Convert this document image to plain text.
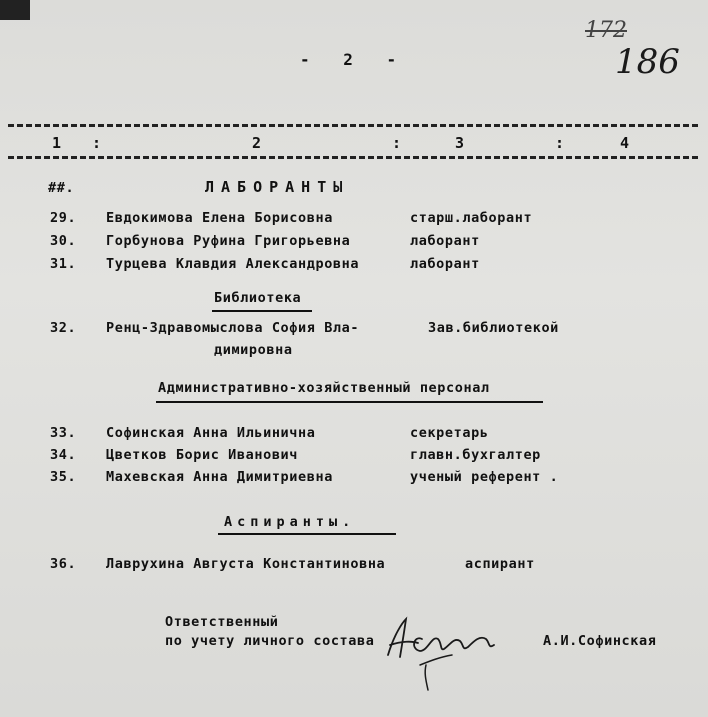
- 2 -
172
186
1 :	2	:	3	:	4
##.	ЛАБОРАНТЫ
29. Евдокимова Елена Борисовна	старш.лаборант
30. Горбунова Руфина Григорьевна	лаборант
31. Турцева Клавдия Александровна	лаборант
Библиотека
32. Ренц-Здравомыслова София Вла-
димировна
Зав.библиотекой
Административно-хозяйственный персонал
33. Софинская Анна Ильинична	секретарь
34. Цветков Борис Иванович	главн.бухгалтер
35. Махевская Анна Димитриевна	ученый референт .
Аспиранты.
36. Лаврухина Августа Константиновна	аспирант
Ответственный
по учету личного состава	А.И.Софинская
